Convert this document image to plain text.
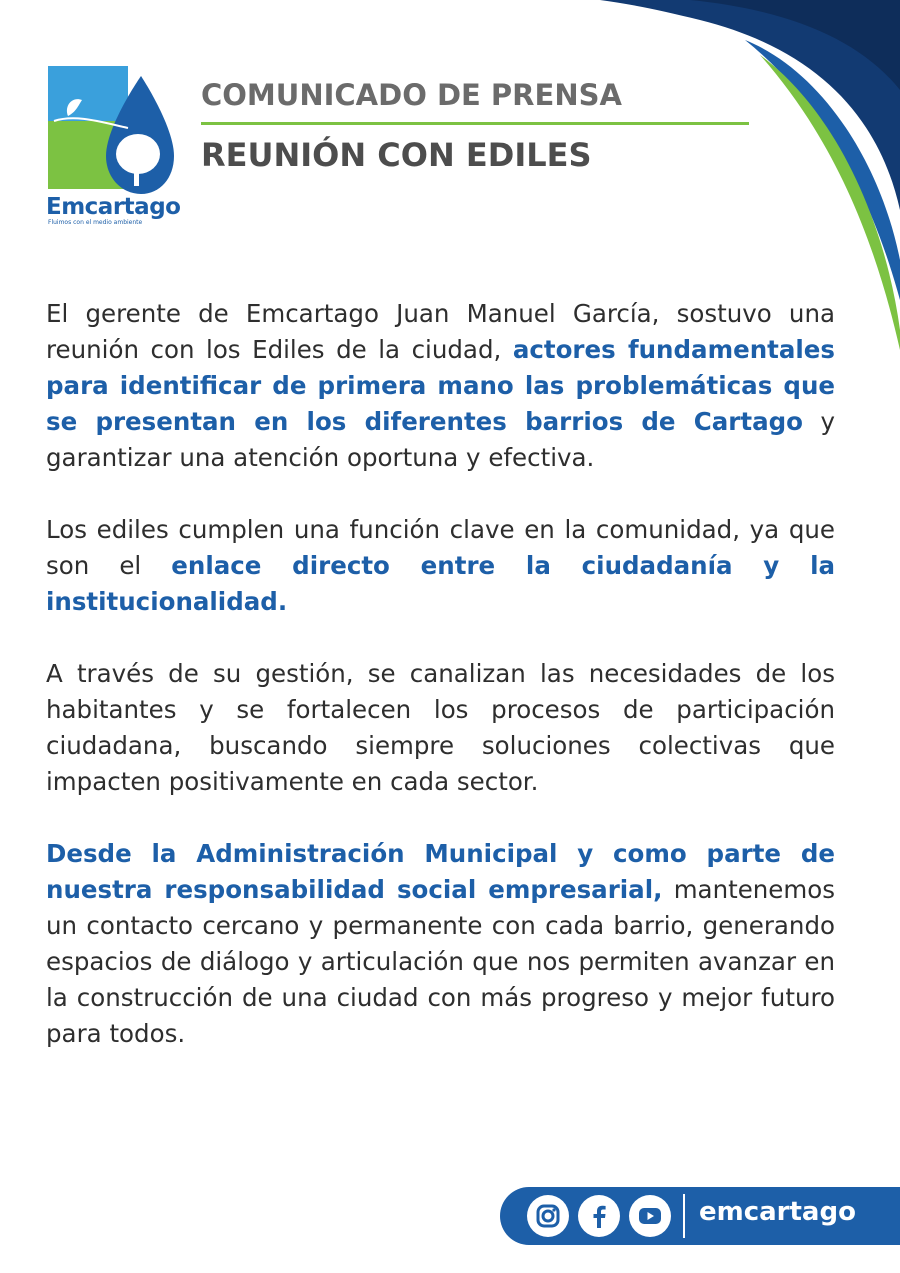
Emcartago
Fluimos con el medio ambiente
COMUNICADO DE PRENSA
REUNIÓN CON EDILES

El gerente de Emcartago Juan Manuel García, sostuvo una reunión con los Ediles de la ciudad, actores fundamentales para identificar de primera mano las problemáticas que se presentan en los diferentes barrios de Cartago y garantizar una atención oportuna y efectiva.

Los ediles cumplen una función clave en la comunidad, ya que son el enlace directo entre la ciudadanía y la institucionalidad.

A través de su gestión, se canalizan las necesidades de los habitantes y se fortalecen los procesos de participación ciudadana, buscando siempre soluciones colectivas que impacten positivamente en cada sector.

Desde la Administración Municipal y como parte de nuestra responsabilidad social empresarial, mantenemos un contacto cercano y permanente con cada barrio, generando espacios de diálogo y articulación que nos permiten avanzar en la construcción de una ciudad con más progreso y mejor futuro para todos.

emcartago
